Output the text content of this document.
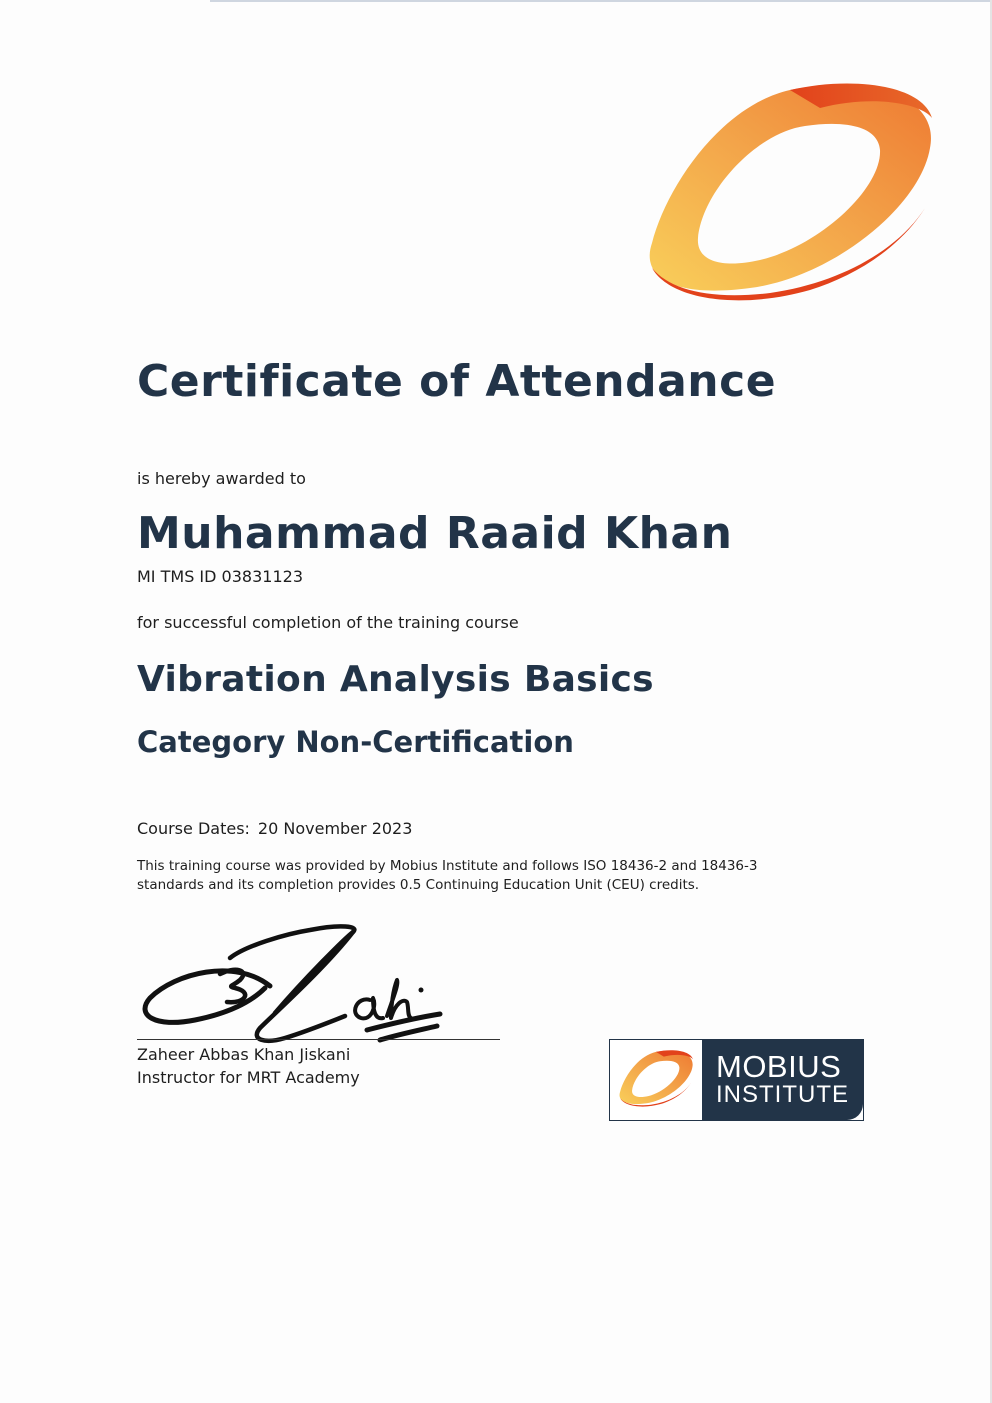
Certificate of Attendance
is hereby awarded to
Muhammad Raaid Khan
MI TMS ID 03831123
for successful completion of the training course
Vibration Analysis Basics
Category Non-Certification
Course Dates: 20 November 2023

This training course was provided by Mobius Institute and follows ISO 18436-2 and 18436-3 standards and its completion provides 0.5 Continuing Education Unit (CEU) credits.

Zaheer Abbas Khan Jiskani
Instructor for MRT Academy	MOBIUS
INSTITUTE
